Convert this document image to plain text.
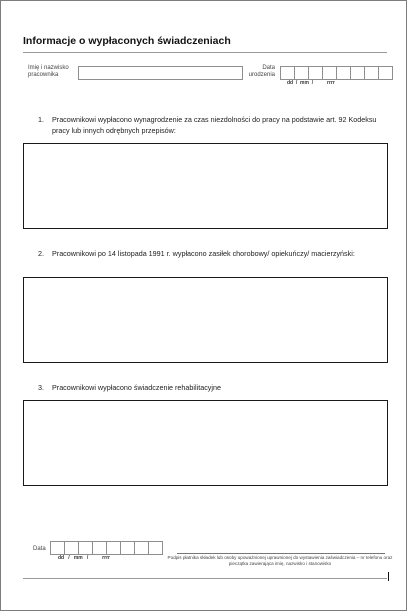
Informacje o wypłaconych świadczeniach
Imię i nazwisko
pracownika
Data
urodzenia
dd  /  mm  /          rrrr
1. Pracownikowi wypłacono wynagrodzenie za czas niezdolności do pracy na podstawie art. 92 Kodeksu pracy lub innych odrębnych przepisów:
2. Pracownikowi po 14 listopada 1991 r. wypłacono zasiłek chorobowy/ opiekuńczy/ macierzyński:
3. Pracownikowi wypłacono świadczenie rehabilitacyjne
Data
dd   /   mm   /          rrrr	Podpis płatnika składek lub osoby upoważnionej uprawnionej do wystawienia zaświadczenia – nr telefonu oraz pieczątka zawierająca imię, nazwisko i stanowisko
